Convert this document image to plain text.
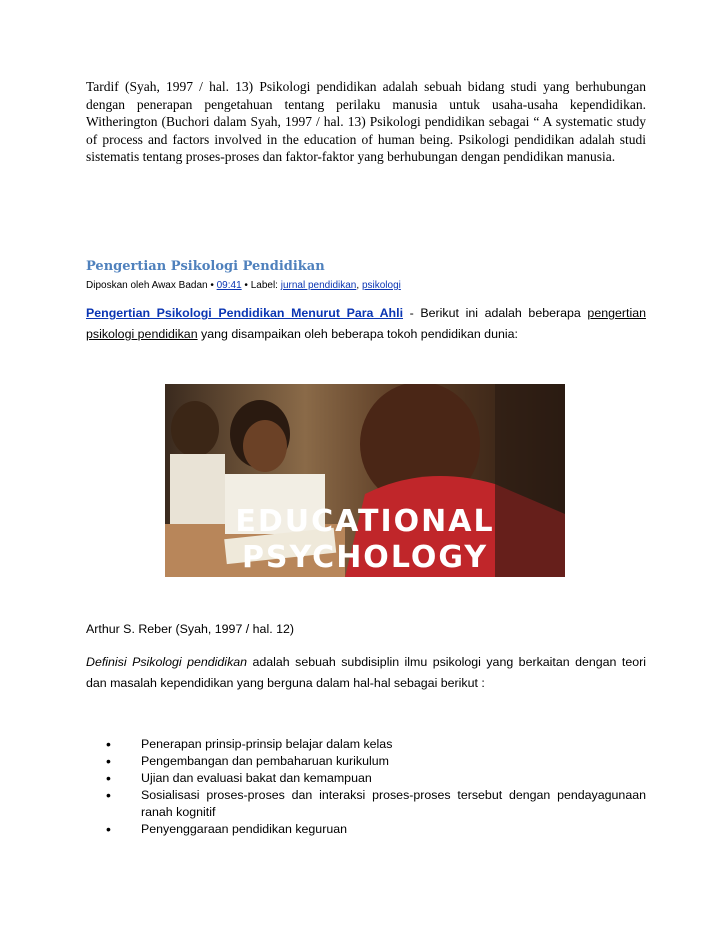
Tardif (Syah, 1997 / hal. 13) Psikologi pendidikan adalah sebuah bidang studi yang berhubungan dengan penerapan pengetahuan tentang perilaku manusia untuk usaha-usaha kependidikan. Witherington (Buchori dalam Syah, 1997 / hal. 13) Psikologi pendidikan sebagai “ A systematic study of process and factors involved in the education of human being. Psikologi pendidikan adalah studi sistematis tentang proses-proses dan faktor-faktor yang berhubungan dengan pendidikan manusia.

Pengertian Psikologi Pendidikan

Diposkan oleh Awax Badan • 09:41 • Label: jurnal pendidikan, psikologi

Pengertian Psikologi Pendidikan Menurut Para Ahli - Berikut ini adalah beberapa pengertian psikologi pendidikan yang disampaikan oleh beberapa tokoh pendidikan dunia:

EDUCATIONAL
PSYCHOLOGY

Arthur S. Reber (Syah, 1997 / hal. 12)

Definisi Psikologi pendidikan adalah sebuah subdisiplin ilmu psikologi yang berkaitan dengan teori dan masalah kependidikan yang berguna dalam hal-hal sebagai berikut :

• Penerapan prinsip-prinsip belajar dalam kelas
• Pengembangan dan pembaharuan kurikulum
• Ujian dan evaluasi bakat dan kemampuan
• Sosialisasi proses-proses dan interaksi proses-proses tersebut dengan pendayagunaan ranah kognitif
• Penyenggaraan pendidikan keguruan
